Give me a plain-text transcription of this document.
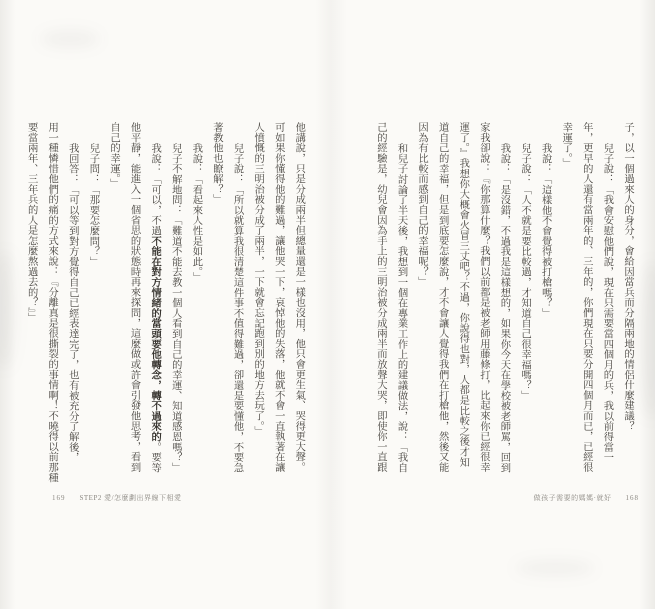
他講說，只是分成兩半但總量還是一樣也沒用，他只會更生氣、哭得更大聲。
可如果你懂得他的難過，讓他哭一下，哀悼他的失落，他就不會一直執著在讓
人憤慨的三明治被分成了兩半，一下就會忘記跑到別的地方去玩了。」
兒子說：「所以就算我很清楚這件事不值得難過，卻還是要懂他，不要急
著教他也瞭解？」
我說：「看起來人性是如此。」
兒子不解地問：「難道不能去教一個人看到自己的幸運、知道感恩嗎？」
我說：「可以，不過不能在對方情緒的當頭要他轉念，轉不過來的。要等
他平靜，能進入一個省思的狀態時再來探問，這麼做或許會引發他思考，看到
自己的幸運。」
兒子問：「那要怎麼問？」
我回答：「可以等到對方覺得自己已經表達完了，也有被充分了解後，
用一種憐惜他們的痛的方式來說：『分離真是很撕裂的事情啊！不曉得以前那種
要當兩年、三年兵的人是怎麼熬過去的？』」
169 STEP2 愛/怎麼劃出界線下相愛
子，以一個過來人的身分，會給因當兵而分隔兩地的情侶什麼建議？
兒子說：「我會安慰他們說，現在只需要當四個月的兵，我以前得當一
年，更早的人還有當兩年的、三年的，你們現在只要分開四個月而已，已經很
幸運了。」
我說：「這樣他不會覺得被打槍嗎？」
兒子說：「人不就是要比較過，才知道自己很幸福嗎？」
我說：「是沒錯，不過我是這樣想的，如果你今天在學校被老師罵，回到
家我卻說：『你那算什麼？我們以前都是被老師用藤條打，比起來你已經很幸
運了。』我想你大概會火冒三丈吧？不過，你說得也對，人都是比較之後才知
道自己的幸福，但是到底要怎麼說，才不會讓人覺得我們在打槍他，然後又能
因為有比較而感到自己的幸福呢？」
和兒子討論了半天後，我想到一個在專業工作上的建議做法，說：「我自
己的經驗是，幼兒會因為手上的三明治被分成兩半而放聲大哭，即使你一直跟
做孩子需要的媽媽·就好 168
